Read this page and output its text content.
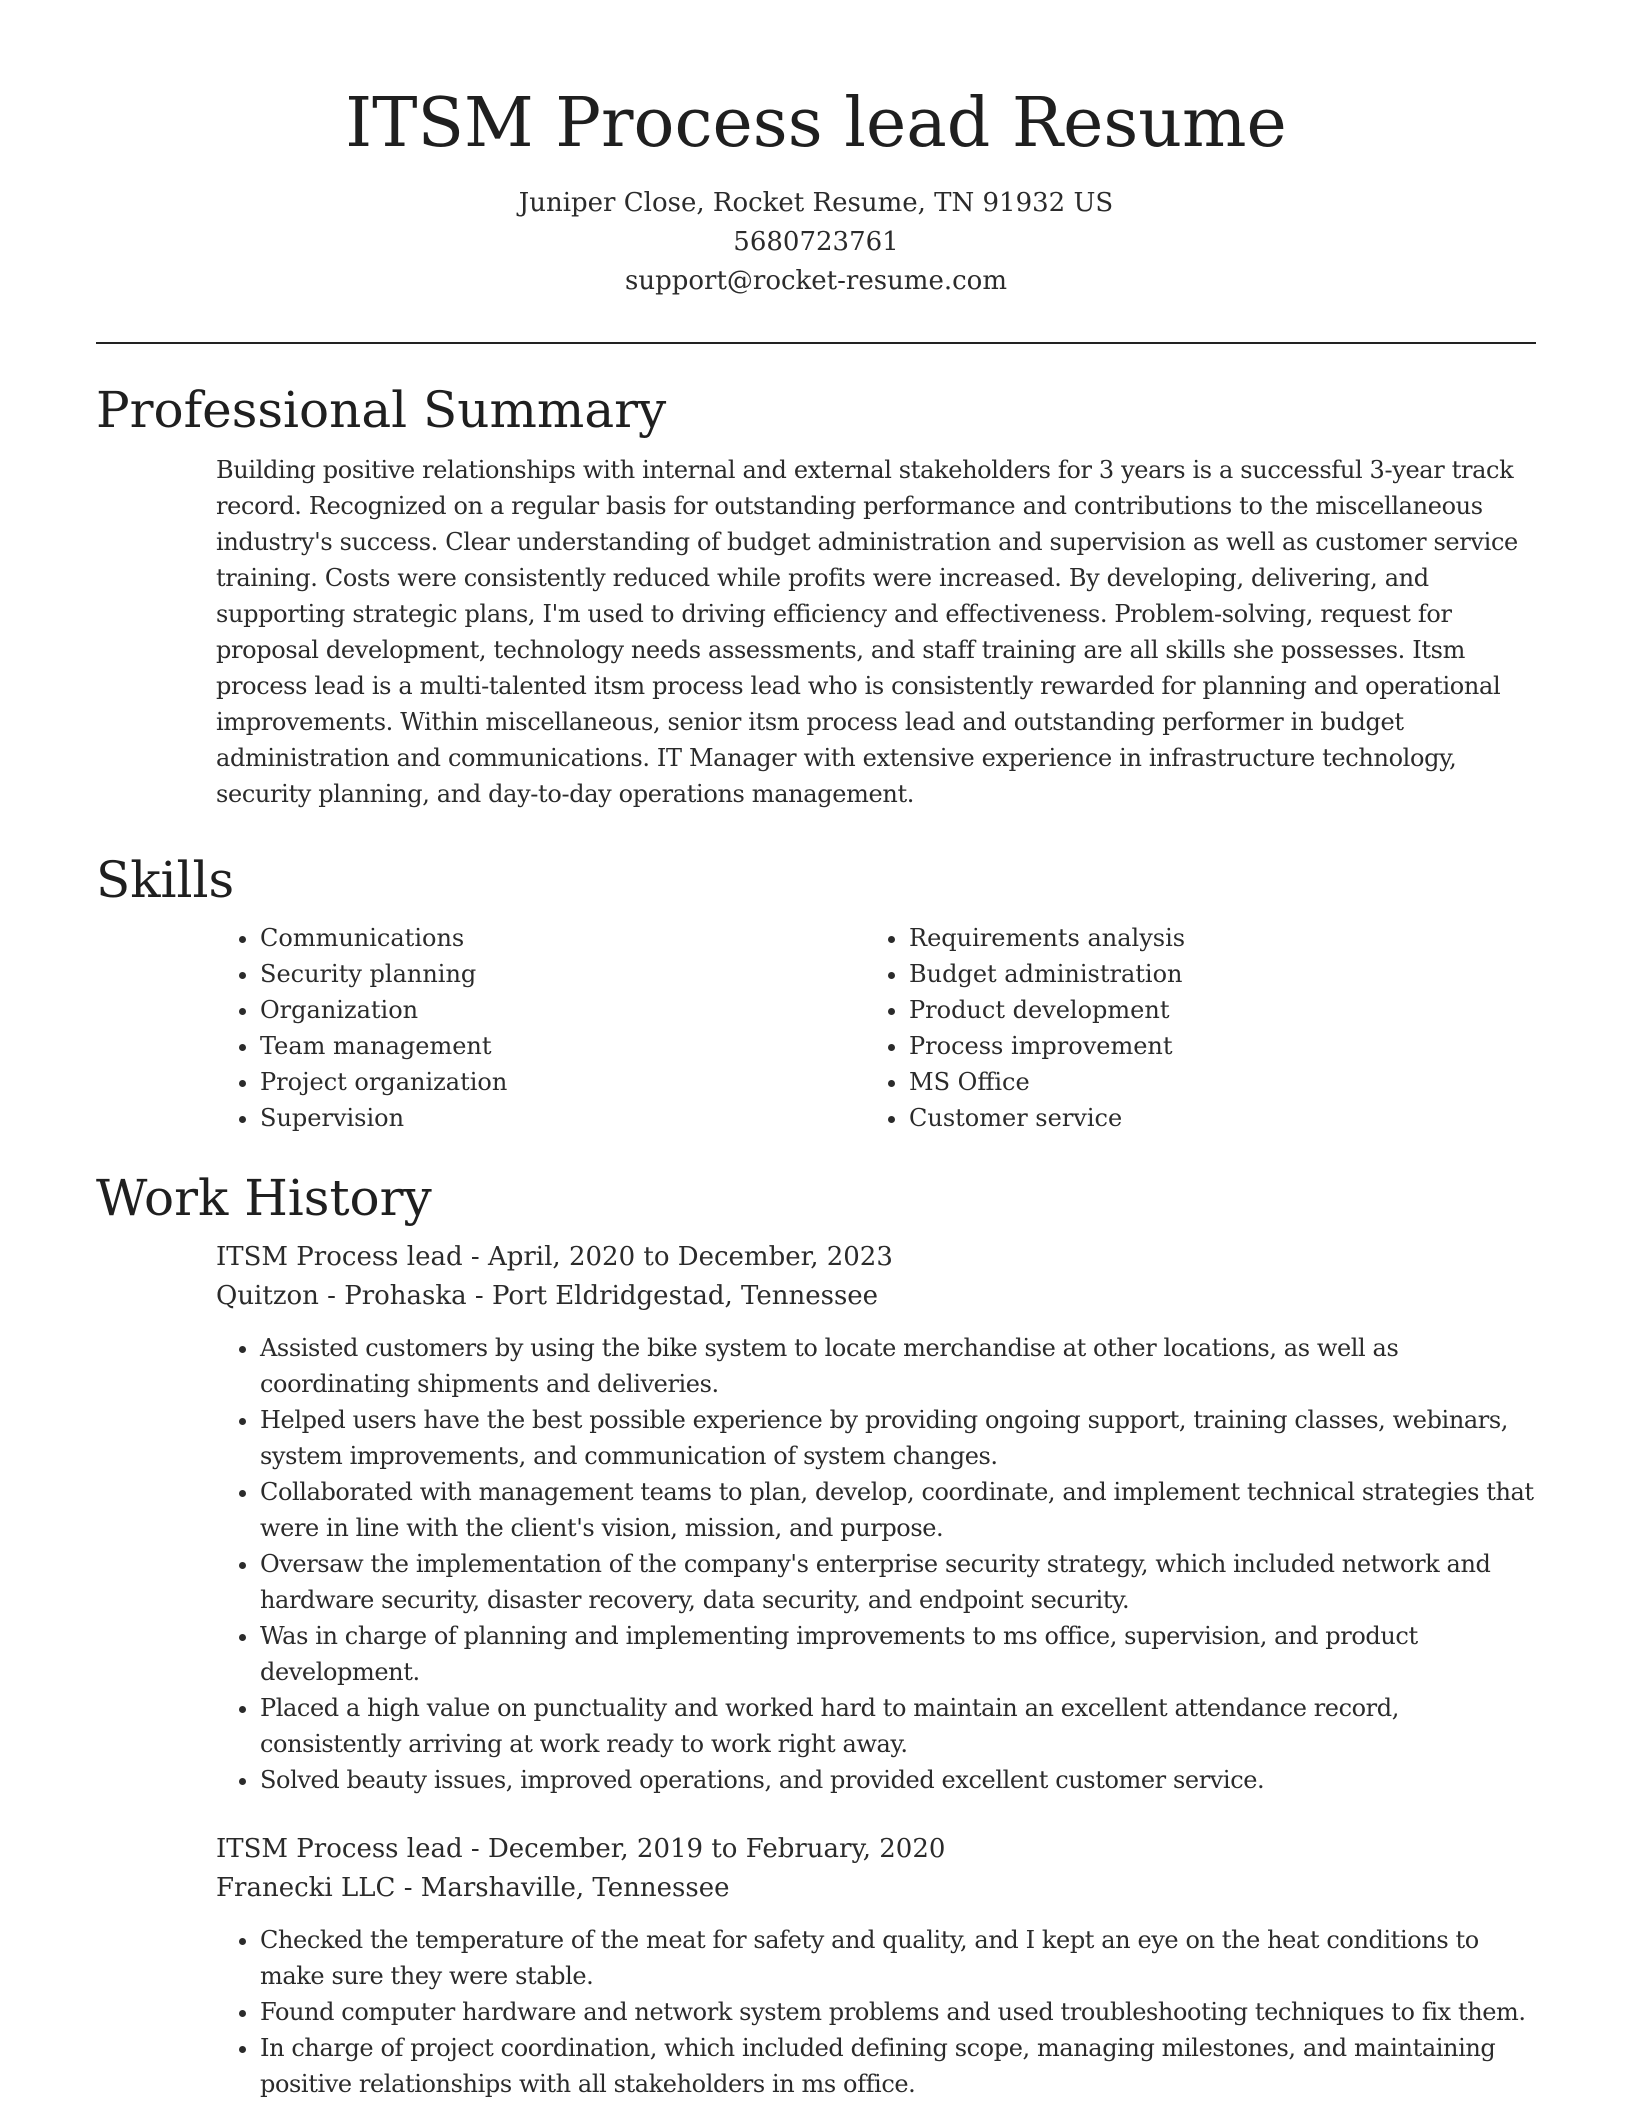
ITSM Process lead Resume

Juniper Close, Rocket Resume, TN 91932 US

5680723761

support@rocket-resume.com

Professional Summary

Building positive relationships with internal and external stakeholders for 3 years is a successful 3-year track record. Recognized on a regular basis for outstanding performance and contributions to the miscellaneous industry's success. Clear understanding of budget administration and supervision as well as customer service training. Costs were consistently reduced while profits were increased. By developing, delivering, and supporting strategic plans, I'm used to driving efficiency and effectiveness. Problem-solving, request for proposal development, technology needs assessments, and staff training are all skills she possesses. Itsm process lead is a multi-talented itsm process lead who is consistently rewarded for planning and operational improvements. Within miscellaneous, senior itsm process lead and outstanding performer in budget administration and communications. IT Manager with extensive experience in infrastructure technology, security planning, and day-to-day operations management.

Skills
• Communications
• Security planning
• Organization
• Team management
• Project organization
• Supervision
• Requirements analysis
• Budget administration
• Product development
• Process improvement
• MS Office
• Customer service
Work History

ITSM Process lead - April, 2020 to December, 2023

Quitzon - Prohaska - Port Eldridgestad, Tennessee

• Assisted customers by using the bike system to locate merchandise at other locations, as well as coordinating shipments and deliveries.
• Helped users have the best possible experience by providing ongoing support, training classes, webinars, system improvements, and communication of system changes.
• Collaborated with management teams to plan, develop, coordinate, and implement technical strategies that were in line with the client's vision, mission, and purpose.
• Oversaw the implementation of the company's enterprise security strategy, which included network and hardware security, disaster recovery, data security, and endpoint security.
• Was in charge of planning and implementing improvements to ms office, supervision, and product development.
• Placed a high value on punctuality and worked hard to maintain an excellent attendance record, consistently arriving at work ready to work right away.
• Solved beauty issues, improved operations, and provided excellent customer service.

ITSM Process lead - December, 2019 to February, 2020

Franecki LLC - Marshaville, Tennessee

• Checked the temperature of the meat for safety and quality, and I kept an eye on the heat conditions to make sure they were stable.
• Found computer hardware and network system problems and used troubleshooting techniques to fix them.
• In charge of project coordination, which included defining scope, managing milestones, and maintaining positive relationships with all stakeholders in ms office.
